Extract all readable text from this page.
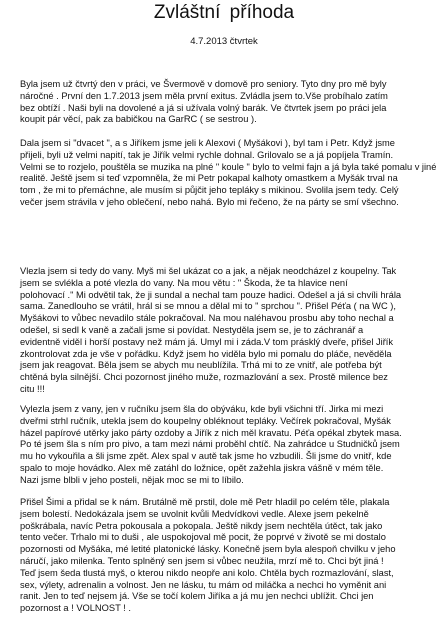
Zvláštní příhoda
4.7.2013 čtvrtek

Byla jsem už čtvrtý den v práci, ve Švermově v domově pro seniory. Tyto dny pro mě byly
náročné . První den 1.7.2013 jsem měla první exitus. Zvládla jsem to.Vše probíhalo zatím
bez obtíží . Naši byli na dovolené a já si užívala volný barák. Ve čtvrtek jsem po práci jela
koupit pár věcí, pak za babičkou na GarRC ( se sestrou ).

Dala jsem si "dvacet ", a s Jiříkem jsme jeli k Alexovi ( Myšákovi ), byl tam i Petr. Když jsme
přijeli, byli už velmi napití, tak je Jiřík velmi rychle dohnal. Grilovalo se a já popíjela Tramín.
Velmi se to rozjelo, pouštěla se muzika na plné " koule " bylo to velmi fajn a já byla také pomalu v jiné
realitě. Ještě jsem si teď vzpomněla, že mi Petr pokapal kalhoty omastkem a Myšák trval na
tom , že mi to přemáchne, ale musím si půjčit jeho tepláky s mikinou. Svolila jsem tedy. Celý
večer jsem strávila v jeho oblečení, nebo nahá. Bylo mi řečeno, že na párty se smí všechno.

Vlezla jsem si tedy do vany. Myš mi šel ukázat co a jak, a nějak neodcházel z koupelny. Tak
jsem se svlékla a poté vlezla do vany. Na mou větu : " Škoda, že ta hlavice není
polohovací ." Mi odvětil tak, že ji sundal a nechal tam pouze hadici. Odešel a já si chvíli hrála
sama. Zanedlouho se vrátil, hrál si se mnou a dělal mi to " sprchou ". Přišel Péťa ( na WC ),
Myšákovi to vůbec nevadilo stále pokračoval. Na mou naléhavou prosbu aby toho nechal a
odešel, si sedl k vaně a začali jsme si povídat. Nestyděla jsem se, je to záchranář a
evidentně viděl i horší postavy než mám já. Umyl mi i záda.V tom prásklý dveře, přišel Jiřík
zkontrolovat zda je vše v pořádku. Když jsem ho viděla bylo mi pomalu do pláče, nevěděla
jsem jak reagovat. Běla jsem se abych mu neublížila. Trhá mi to ze vnitř, ale potřeba být
chtěná byla silnější. Chci pozornost jiného muže, rozmazlování a sex. Prostě milence bez
citu !!!

Vylezla jsem z vany, jen v ručníku jsem šla do obýváku, kde byli všichni tří. Jirka mi mezi
dveřmi strhl ručník, utekla jsem do koupelny obléknout tepláky. Večírek pokračoval, Myšák
házel papírové utěrky jako párty ozdoby a Jiřík z nich měl kravatu. Péťa opékal zbytek masa.
Po té jsem šla s ním pro pivo, a tam mezi námi proběhl chtíč. Na zahrádce u Studničků jsem
mu ho vykouřila a šli jsme zpět. Alex spal v autě tak jsme ho vzbudili. Šli jsme do vnitř, kde
spalo to moje hovádko. Alex mě zatáhl do ložnice, opět zažehla jiskra vášně v mém těle.
Nazi jsme blbli v jeho posteli, nějak moc se mi to líbilo.

Přišel Šimi a přidal se k nám. Brutálně mě prstil, dole mě Petr hladil po celém těle, plakala
jsem bolestí. Nedokázala jsem se uvolnit kvůli Medvídkovi vedle. Alexe jsem pekelně
poškrábala, navíc Petra pokousala a pokopala. Ještě nikdy jsem nechtěla útěct, tak jako
tento večer. Trhalo mi to duši , ale uspokojoval mě pocit, že poprvé v životě se mi dostalo
pozornosti od Myšáka, mé letité platonické lásky. Konečně jsem byla alespoň chvilku v jeho
náručí, jako milenka. Tento splněný sen jsem si vůbec neužila, mrzí mě to. Chci být jiná !
Teď jsem šeda tlustá myš, o kterou nikdo neopře ani kolo. Chtěla bych rozmazlování, slast,
sex, výlety, adrenalin a volnost. Jen ne lásku, tu mám od miláčka a nechci ho vyměnit ani
ranit. Jen to teď nejsem já. Vše se točí kolem Jiříka a já mu jen nechci ublížit. Chci jen
pozornost a ! VOLNOST ! .
